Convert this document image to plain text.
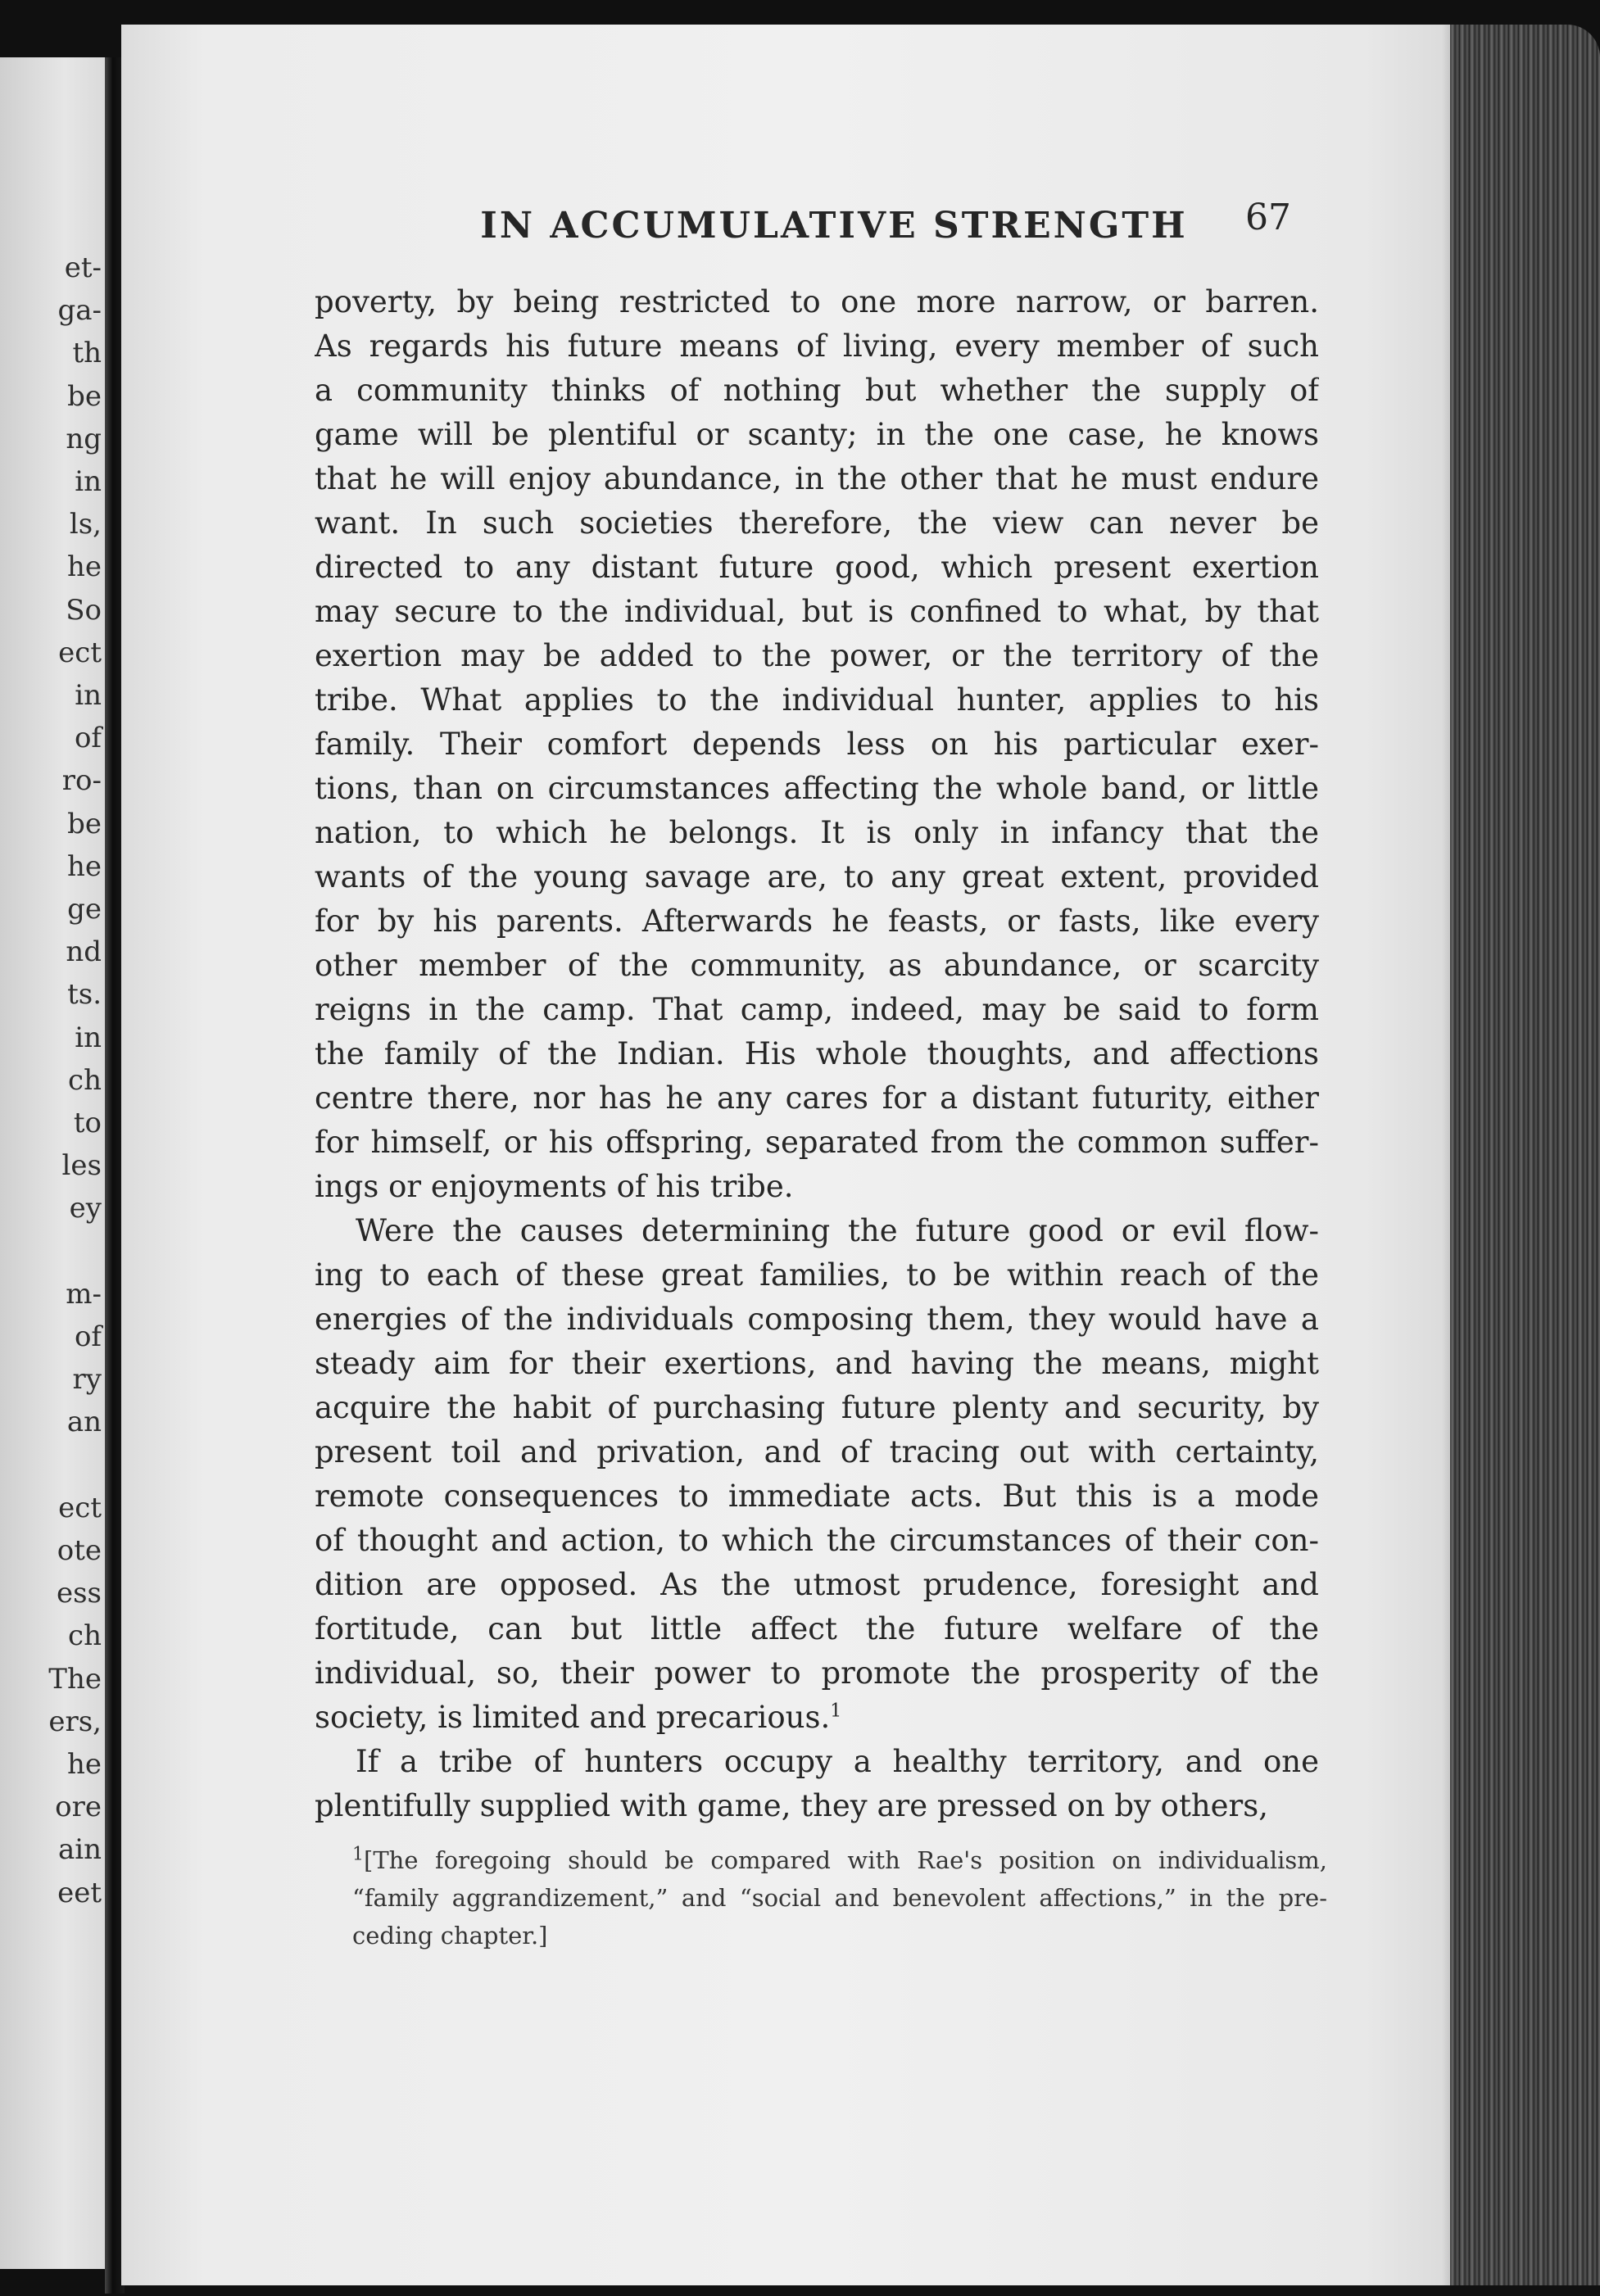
et-
ga-
th
be
ng
in
ls,
he
So
ect
in
of
ro-
be
he
ge
nd
ts.
in
ch
to
les
ey
m-
of
ry
an
ect
ote
ess
ch
The
ers,
he
ore
ain
eet
IN ACCUMULATIVE STRENGTH	67
poverty, by being restricted to one more narrow, or barren.
As regards his future means of living, every member of such
a community thinks of nothing but whether the supply of
game will be plentiful or scanty; in the one case, he knows
that he will enjoy abundance, in the other that he must endure
want. In such societies therefore, the view can never be
directed to any distant future good, which present exertion
may secure to the individual, but is confined to what, by that
exertion may be added to the power, or the territory of the
tribe. What applies to the individual hunter, applies to his
family. Their comfort depends less on his particular exer-
tions, than on circumstances affecting the whole band, or little
nation, to which he belongs. It is only in infancy that the
wants of the young savage are, to any great extent, provided
for by his parents. Afterwards he feasts, or fasts, like every
other member of the community, as abundance, or scarcity
reigns in the camp. That camp, indeed, may be said to form
the family of the Indian. His whole thoughts, and affections
centre there, nor has he any cares for a distant futurity, either
for himself, or his offspring, separated from the common suffer-
ings or enjoyments of his tribe.
Were the causes determining the future good or evil flow-
ing to each of these great families, to be within reach of the
energies of the individuals composing them, they would have a
steady aim for their exertions, and having the means, might
acquire the habit of purchasing future plenty and security, by
present toil and privation, and of tracing out with certainty,
remote consequences to immediate acts. But this is a mode
of thought and action, to which the circumstances of their con-
dition are opposed. As the utmost prudence, foresight and
fortitude, can but little affect the future welfare of the
individual, so, their power to promote the prosperity of the
society, is limited and precarious.$^1$
If a tribe of hunters occupy a healthy territory, and one
plentifully supplied with game, they are pressed on by others,
$^1$[The foregoing should be compared with Rae's position on individualism,
“family aggrandizement,” and “social and benevolent affections,” in the pre-
ceding chapter.]
